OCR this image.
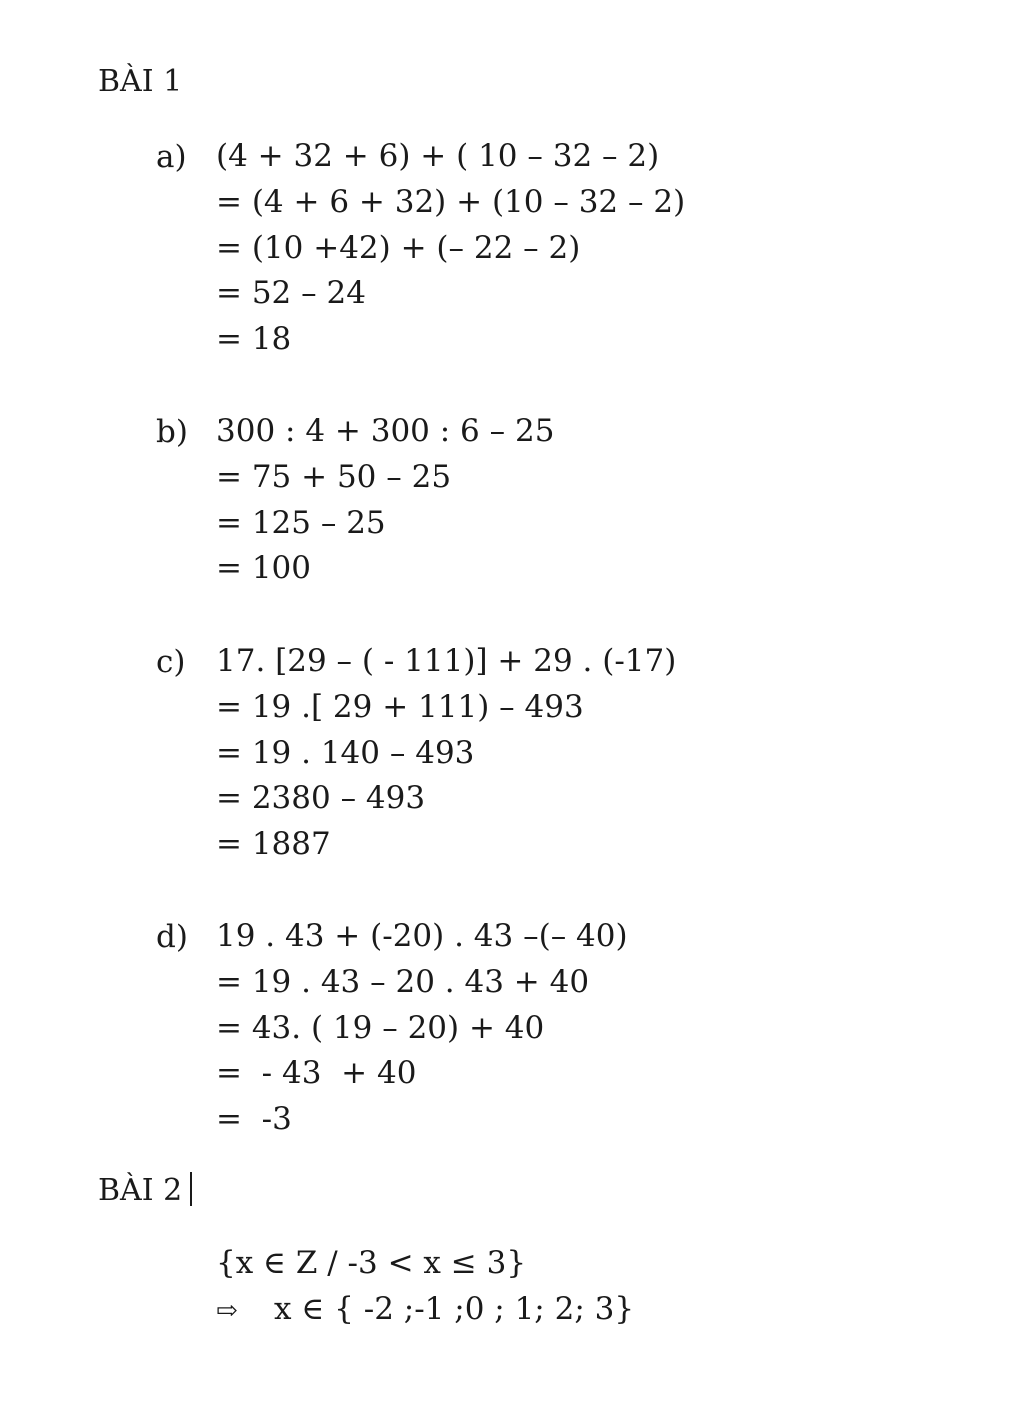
BÀI 1
a) (4 + 32 + 6) + ( 10 – 32 – 2)
= (4 + 6 + 32) + (10 – 32 – 2)
= (10 +42) + (– 22 – 2)
= 52 – 24
= 18
b) 300 : 4 + 300 : 6 – 25
= 75 + 50 – 25
= 125 – 25
= 100
c) 17. [29 – ( - 111)] + 29 . (-17)
= 19 .[ 29 + 111) – 493
= 19 . 140 – 493
= 2380 – 493
= 1887
d) 19 . 43 + (-20) . 43 –(– 40)
= 19 . 43 – 20 . 43 + 40
= 43. ( 19 – 20) + 40
=  - 43  + 40
=  -3
BÀI 2
{x ∈ Z / -3 < x ≤ 3}
⇨ x ∈ { -2 ;-1 ;0 ; 1; 2; 3}
